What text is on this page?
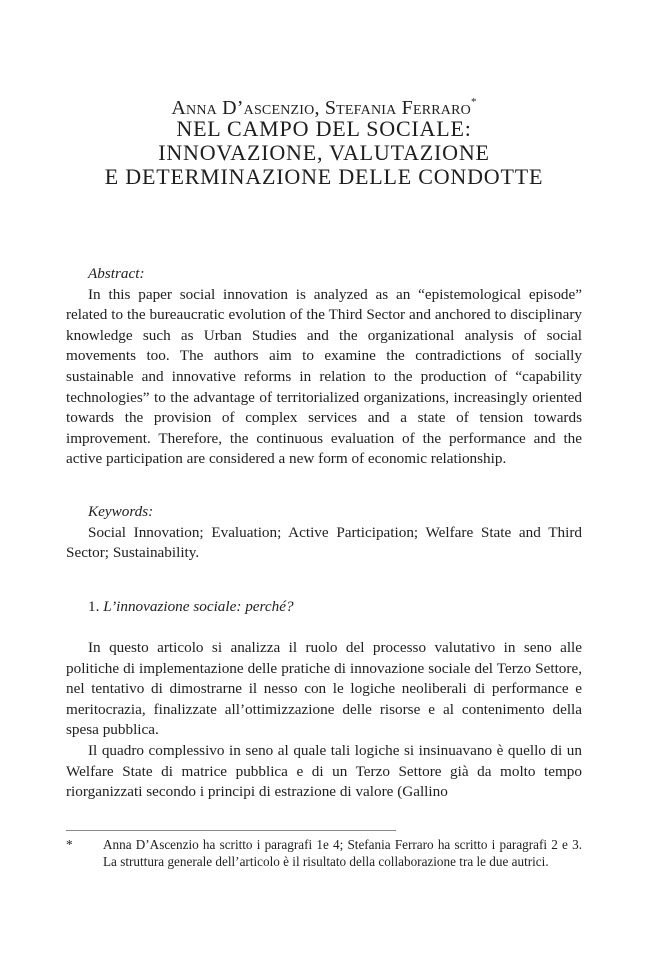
Anna D’ascenzio, Stefania Ferraro*
NEL CAMPO DEL SOCIALE:
INNOVAZIONE, VALUTAZIONE
E DETERMINAZIONE DELLE CONDOTTE
Abstract:
In this paper social innovation is analyzed as an “epistemological episode” related to the bureaucratic evolution of the Third Sector and anchored to disciplinary knowledge such as Urban Studies and the organizational analysis of social movements too. The authors aim to examine the contradictions of socially sustainable and innovative reforms in relation to the production of “capability technologies” to the advantage of territorialized organizations, increasingly oriented towards the provision of complex services and a state of tension towards improvement. Therefore, the continuous evaluation of the performance and the active participation are considered a new form of economic relationship.
Keywords:
Social Innovation; Evaluation; Active Participation; Welfare State and Third Sector; Sustainability.
1. L’innovazione sociale: perché?
In questo articolo si analizza il ruolo del processo valutativo in seno alle politiche di implementazione delle pratiche di innovazione sociale del Terzo Settore, nel tentativo di dimostrarne il nesso con le logiche neoliberali di performance e meritocrazia, finalizzate all’ottimizzazione delle risorse e al contenimento della spesa pubblica.
Il quadro complessivo in seno al quale tali logiche si insinuavano è quello di un Welfare State di matrice pubblica e di un Terzo Settore già da molto tempo riorganizzati secondo i principi di estrazione di valore (Gallino
* Anna D’Ascenzio ha scritto i paragrafi 1e 4; Stefania Ferraro ha scritto i paragrafi 2 e 3. La struttura generale dell’articolo è il risultato della collaborazione tra le due autrici.
